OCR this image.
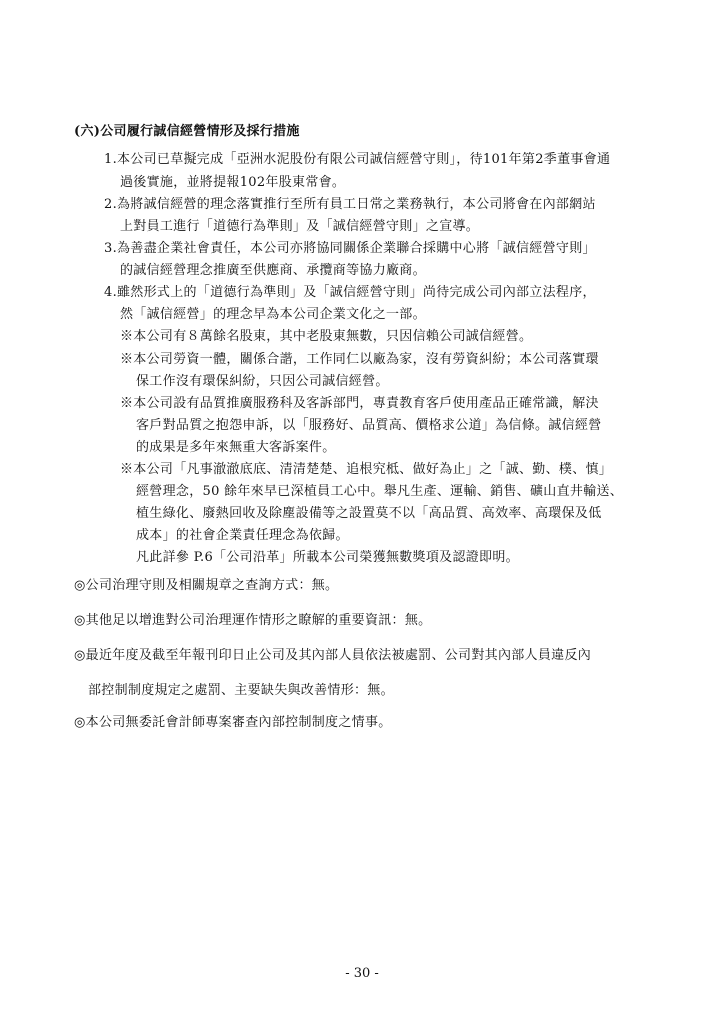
(六)公司履行誠信經營情形及採行措施
1.本公司已草擬完成「亞洲水泥股份有限公司誠信經營守則」，待101年第2季董事會通
過後實施，並將提報102年股東常會。
2.為將誠信經營的理念落實推行至所有員工日常之業務執行，本公司將會在內部網站
上對員工進行「道德行為準則」及「誠信經營守則」之宣導。
3.為善盡企業社會責任，本公司亦將協同關係企業聯合採購中心將「誠信經營守則」
的誠信經營理念推廣至供應商、承攬商等協力廠商。
4.雖然形式上的「道德行為準則」及「誠信經營守則」尚待完成公司內部立法程序，
然「誠信經營」的理念早為本公司企業文化之一部。
※本公司有８萬餘名股東，其中老股東無數，只因信賴公司誠信經營。
※本公司勞資一體，關係合諧，工作同仁以廠為家，沒有勞資糾紛；本公司落實環
保工作沒有環保糾紛，只因公司誠信經營。
※本公司設有品質推廣服務科及客訴部門，專責教育客戶使用產品正確常識，解決
客戶對品質之抱怨申訴，以「服務好、品質高、價格求公道」為信條。誠信經營
的成果是多年來無重大客訴案件。
※本公司「凡事澈澈底底、清清楚楚、追根究柢、做好為止」之「誠、勤、樸、慎」
經營理念，50 餘年來早已深植員工心中。舉凡生產、運輸、銷售、礦山直井輸送、
植生綠化、廢熱回收及除塵設備等之設置莫不以「高品質、高效率、高環保及低
成本」的社會企業責任理念為依歸。
凡此詳參 P.6「公司沿革」所載本公司榮獲無數獎項及認證即明。
◎公司治理守則及相關規章之查詢方式：無。
◎其他足以增進對公司治理運作情形之瞭解的重要資訊：無。
◎最近年度及截至年報刊印日止公司及其內部人員依法被處罰、公司對其內部人員違反內
部控制制度規定之處罰、主要缺失與改善情形：無。
◎本公司無委託會計師專案審查內部控制制度之情事。
- 30 -
